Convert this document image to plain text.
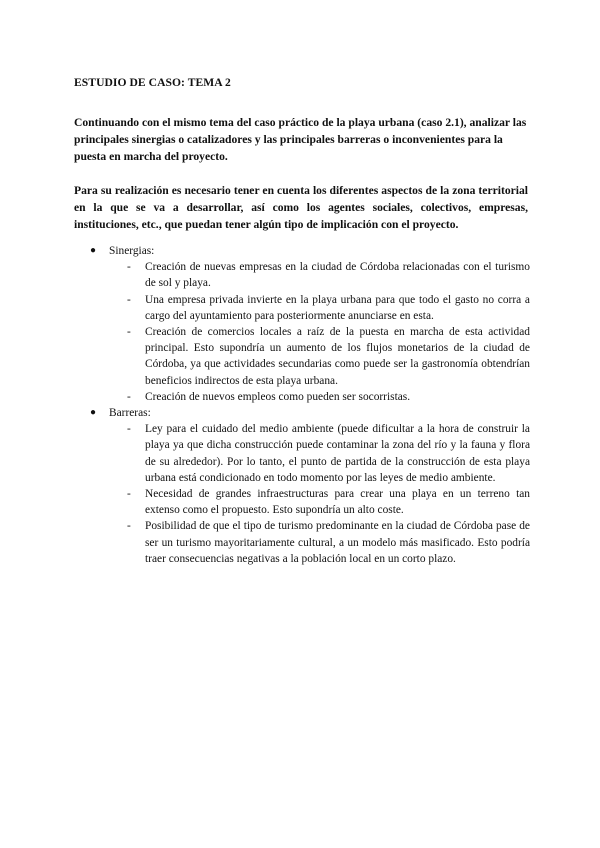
ESTUDIO DE CASO: TEMA 2

Continuando con el mismo tema del caso práctico de la playa urbana (caso 2.1), analizar las principales sinergias o catalizadores y las principales barreras o inconvenientes para la puesta en marcha del proyecto.

Para su realización es necesario tener en cuenta los diferentes aspectos de la zona territorial en la que se va a desarrollar, así como los agentes sociales, colectivos, empresas, instituciones, etc., que puedan tener algún tipo de implicación con el proyecto.

● Sinergias:
- Creación de nuevas empresas en la ciudad de Córdoba relacionadas con el turismo de sol y playa.
- Una empresa privada invierte en la playa urbana para que todo el gasto no corra a cargo del ayuntamiento para posteriormente anunciarse en esta.
- Creación de comercios locales a raíz de la puesta en marcha de esta actividad principal. Esto supondría un aumento de los flujos monetarios de la ciudad de Córdoba, ya que actividades secundarias como puede ser la gastronomía obtendrían beneficios indirectos de esta playa urbana.
- Creación de nuevos empleos como pueden ser socorristas.
● Barreras:
- Ley para el cuidado del medio ambiente (puede dificultar a la hora de construir la playa ya que dicha construcción puede contaminar la zona del río y la fauna y flora de su alrededor). Por lo tanto, el punto de partida de la construcción de esta playa urbana está condicionado en todo momento por las leyes de medio ambiente.
- Necesidad de grandes infraestructuras para crear una playa en un terreno tan extenso como el propuesto. Esto supondría un alto coste.
- Posibilidad de que el tipo de turismo predominante en la ciudad de Córdoba pase de ser un turismo mayoritariamente cultural, a un modelo más masificado. Esto podría traer consecuencias negativas a la población local en un corto plazo.
